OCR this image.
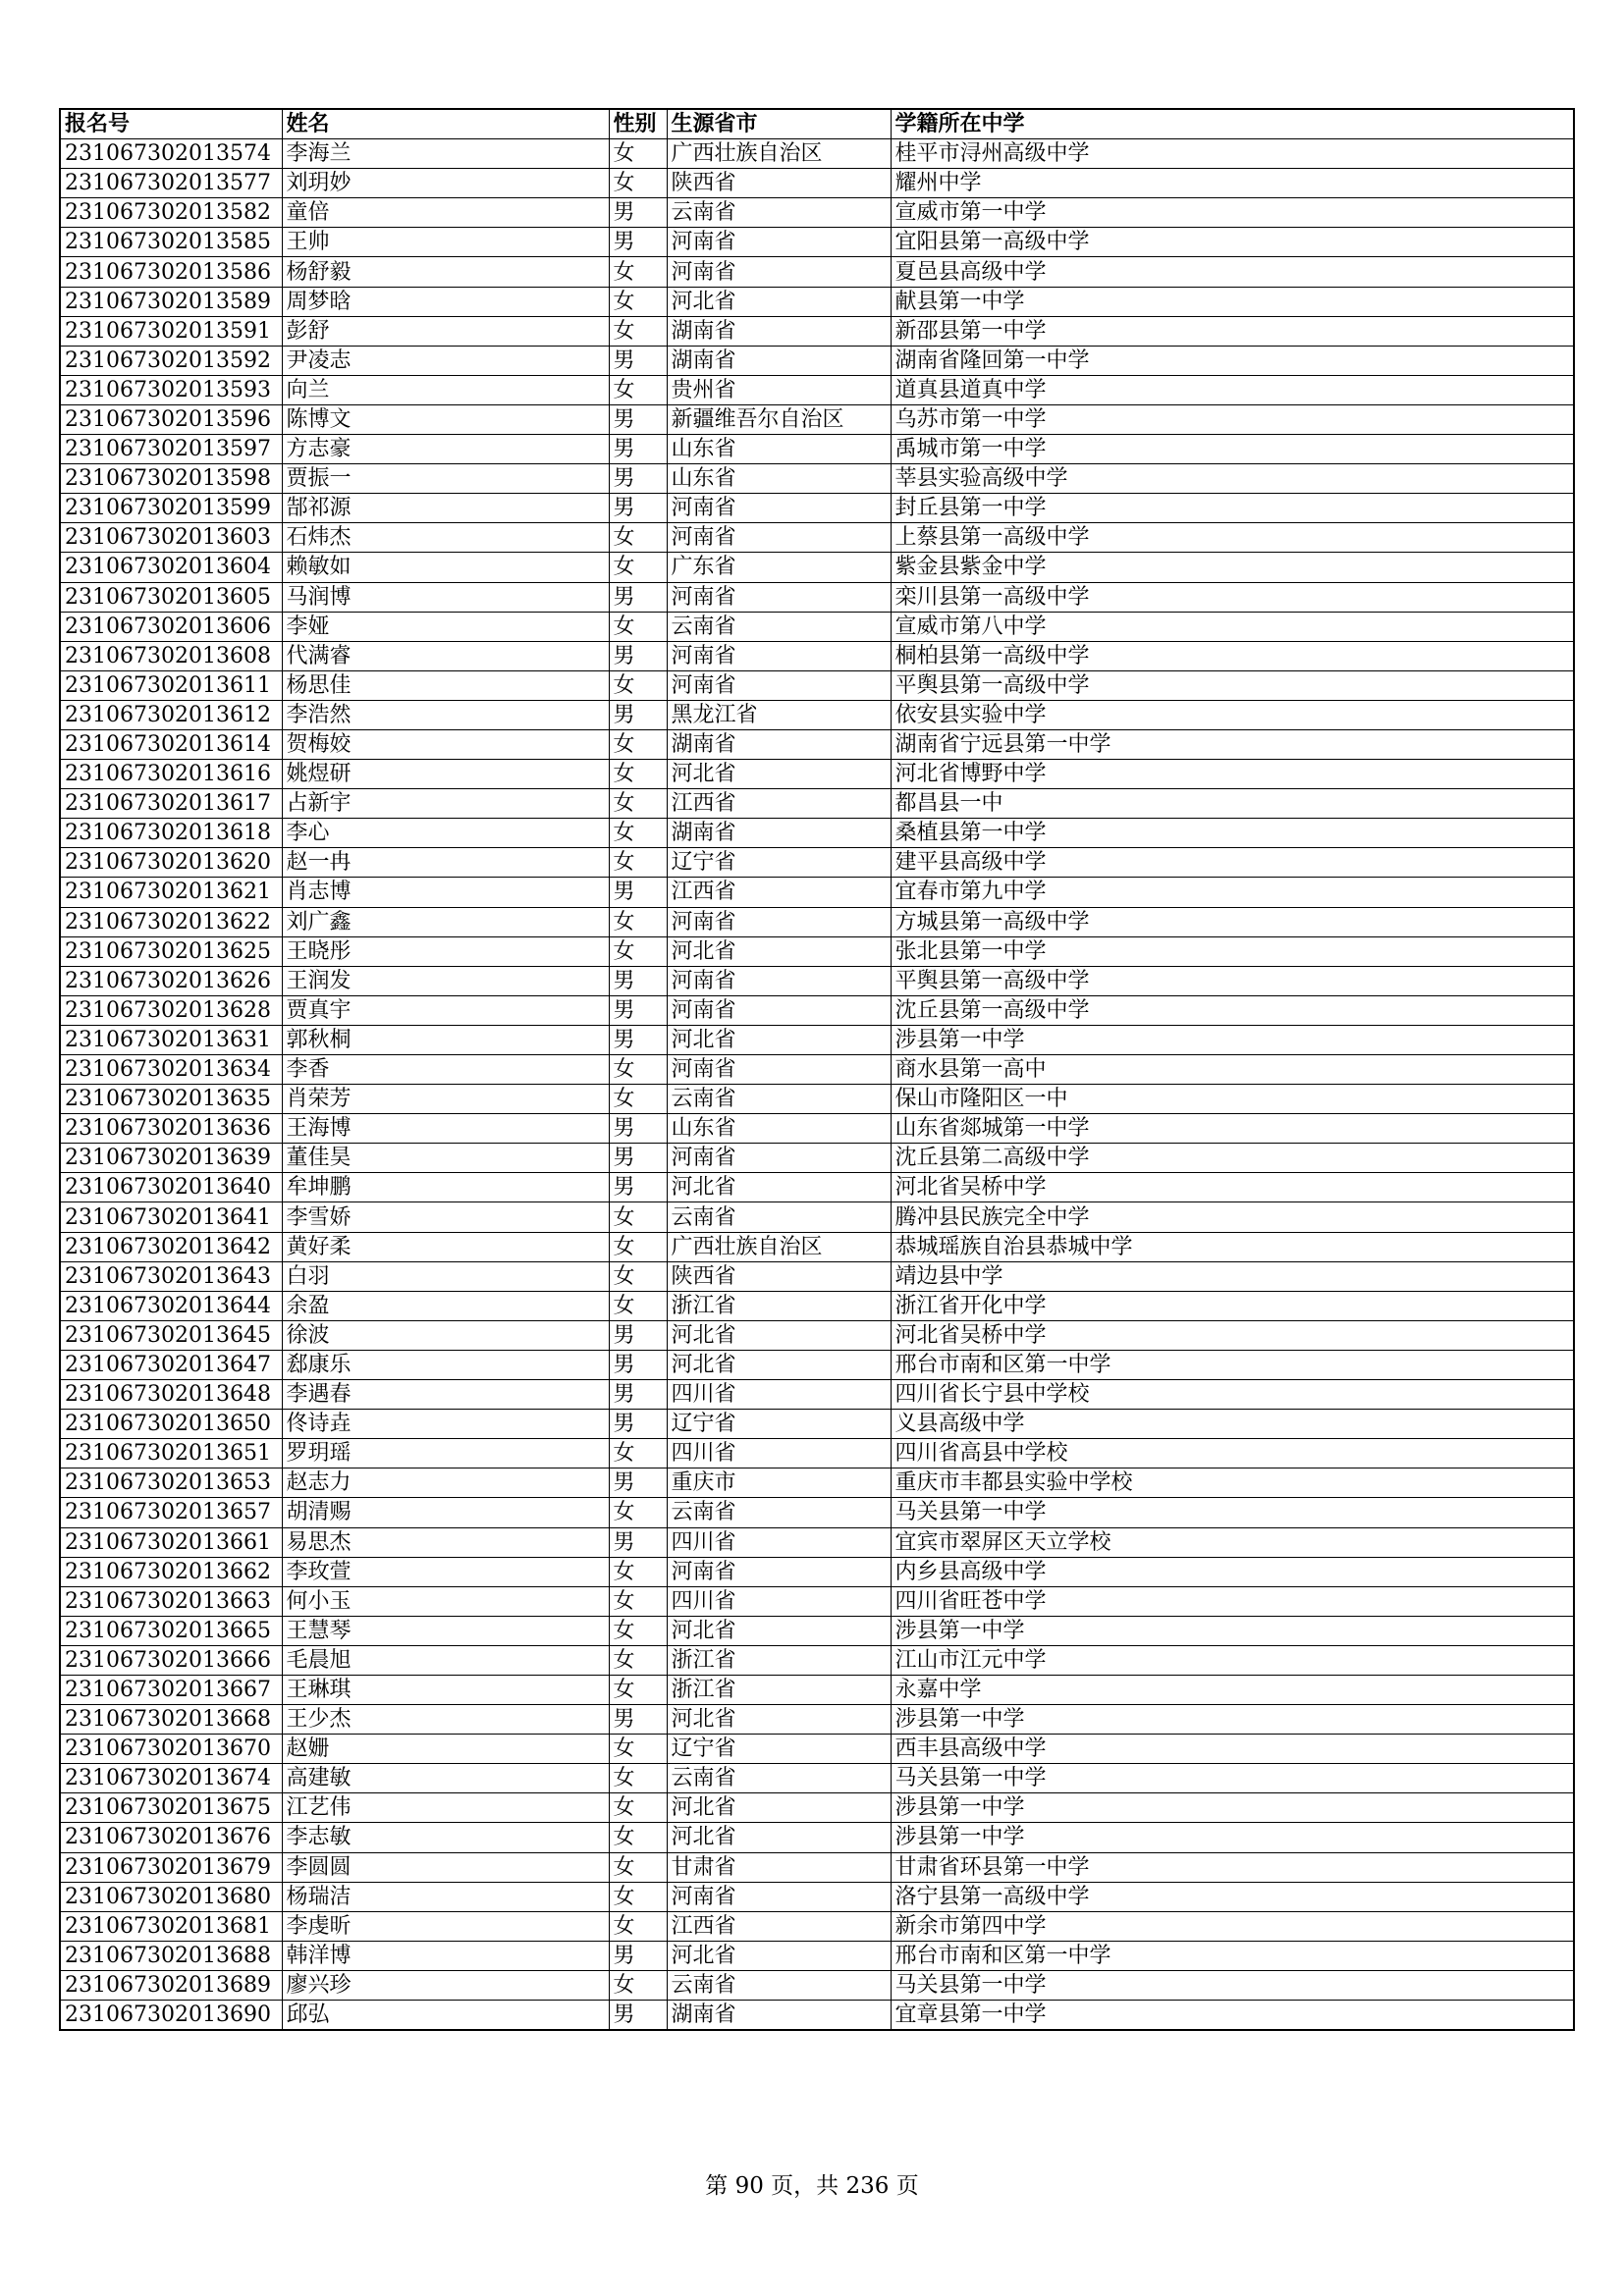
报名号	姓名	性别	生源省市	学籍所在中学
231067302013574	李海兰	女	广西壮族自治区	桂平市浔州高级中学
231067302013577	刘玥妙	女	陕西省	耀州中学
231067302013582	童倍	男	云南省	宣威市第一中学
231067302013585	王帅	男	河南省	宜阳县第一高级中学
231067302013586	杨舒毅	女	河南省	夏邑县高级中学
231067302013589	周梦晗	女	河北省	献县第一中学
231067302013591	彭舒	女	湖南省	新邵县第一中学
231067302013592	尹凌志	男	湖南省	湖南省隆回第一中学
231067302013593	向兰	女	贵州省	道真县道真中学
231067302013596	陈博文	男	新疆维吾尔自治区	乌苏市第一中学
231067302013597	方志豪	男	山东省	禹城市第一中学
231067302013598	贾振一	男	山东省	莘县实验高级中学
231067302013599	郜祁源	男	河南省	封丘县第一中学
231067302013603	石炜杰	女	河南省	上蔡县第一高级中学
231067302013604	赖敏如	女	广东省	紫金县紫金中学
231067302013605	马润博	男	河南省	栾川县第一高级中学
231067302013606	李娅	女	云南省	宣威市第八中学
231067302013608	代满睿	男	河南省	桐柏县第一高级中学
231067302013611	杨思佳	女	河南省	平舆县第一高级中学
231067302013612	李浩然	男	黑龙江省	依安县实验中学
231067302013614	贺梅姣	女	湖南省	湖南省宁远县第一中学
231067302013616	姚煜研	女	河北省	河北省博野中学
231067302013617	占新宇	女	江西省	都昌县一中
231067302013618	李心	女	湖南省	桑植县第一中学
231067302013620	赵一冉	女	辽宁省	建平县高级中学
231067302013621	肖志博	男	江西省	宜春市第九中学
231067302013622	刘广鑫	女	河南省	方城县第一高级中学
231067302013625	王晓彤	女	河北省	张北县第一中学
231067302013626	王润发	男	河南省	平舆县第一高级中学
231067302013628	贾真宇	男	河南省	沈丘县第一高级中学
231067302013631	郭秋桐	男	河北省	涉县第一中学
231067302013634	李香	女	河南省	商水县第一高中
231067302013635	肖荣芳	女	云南省	保山市隆阳区一中
231067302013636	王海博	男	山东省	山东省郯城第一中学
231067302013639	董佳昊	男	河南省	沈丘县第二高级中学
231067302013640	牟坤鹏	男	河北省	河北省吴桥中学
231067302013641	李雪娇	女	云南省	腾冲县民族完全中学
231067302013642	黄好柔	女	广西壮族自治区	恭城瑶族自治县恭城中学
231067302013643	白羽	女	陕西省	靖边县中学
231067302013644	余盈	女	浙江省	浙江省开化中学
231067302013645	徐波	男	河北省	河北省吴桥中学
231067302013647	郄康乐	男	河北省	邢台市南和区第一中学
231067302013648	李遇春	男	四川省	四川省长宁县中学校
231067302013650	佟诗垚	男	辽宁省	义县高级中学
231067302013651	罗玥瑶	女	四川省	四川省高县中学校
231067302013653	赵志力	男	重庆市	重庆市丰都县实验中学校
231067302013657	胡清赐	女	云南省	马关县第一中学
231067302013661	易思杰	男	四川省	宜宾市翠屏区天立学校
231067302013662	李玫萱	女	河南省	内乡县高级中学
231067302013663	何小玉	女	四川省	四川省旺苍中学
231067302013665	王慧琴	女	河北省	涉县第一中学
231067302013666	毛晨旭	女	浙江省	江山市江元中学
231067302013667	王琳琪	女	浙江省	永嘉中学
231067302013668	王少杰	男	河北省	涉县第一中学
231067302013670	赵姗	女	辽宁省	西丰县高级中学
231067302013674	高建敏	女	云南省	马关县第一中学
231067302013675	江艺伟	女	河北省	涉县第一中学
231067302013676	李志敏	女	河北省	涉县第一中学
231067302013679	李圆圆	女	甘肃省	甘肃省环县第一中学
231067302013680	杨瑞洁	女	河南省	洛宁县第一高级中学
231067302013681	李虔昕	女	江西省	新余市第四中学
231067302013688	韩洋博	男	河北省	邢台市南和区第一中学
231067302013689	廖兴珍	女	云南省	马关县第一中学
231067302013690	邱弘	男	湖南省	宜章县第一中学
第 90 页，共 236 页
